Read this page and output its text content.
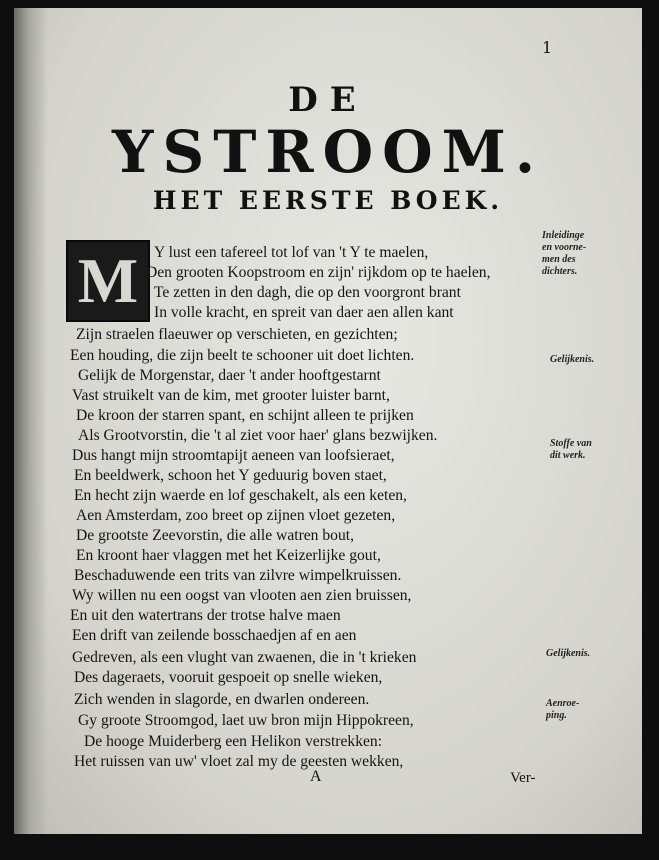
1
DE
YSTROOM.
HET EERSTE BOEK.
M Y lust een tafereel tot lof van 't Y te maelen,

Den grooten Koopstroom en zijn' rijkdom op te haelen,

Te zetten in den dagh, die op den voorgront brant

In volle kracht, en spreit van daer aen allen kant

Zijn straelen flaeuwer op verschieten, en gezichten;

Een houding, die zijn beelt te schooner uit doet lichten.

Gelijk de Morgenstar, daer 't ander hooftgestarnt

Vast struikelt van de kim, met grooter luister barnt,

De kroon der starren spant, en schijnt alleen te prijken

Als Grootvorstin, die 't al ziet voor haer' glans bezwijken.

Dus hangt mijn stroomtapijt aeneen van loofsieraet,

En beeldwerk, schoon het Y geduurig boven staet,

En hecht zijn waerde en lof geschakelt, als een keten,

Aen Amsterdam, zoo breet op zijnen vloet gezeten,

De grootste Zeevorstin, die alle watren bout,

En kroont haer vlaggen met het Keizerlijke gout,

Beschaduwende een trits van zilvre wimpelkruissen.

Wy willen nu een oogst van vlooten aen zien bruissen,

En uit den watertrans der trotse halve maen

Een drift van zeilende bosschaedjen af en aen

Gedreven, als een vlught van zwaenen, die in 't krieken

Des dageraets, vooruit gespoeit op snelle wieken,

Zich wenden in slagorde, en dwarlen ondereen.

Gy groote Stroomgod, laet uw bron mijn Hippokreen,

De hooge Muiderberg een Helikon verstrekken:

Het ruissen van uw' vloet zal my de geesten wekken,

Inleidinge
en voorne-
men des
dichters.
Gelijkenis.
Stoffe van
dit werk.
Gelijkenis.
Aenroe-
ping.
A	Ver-
